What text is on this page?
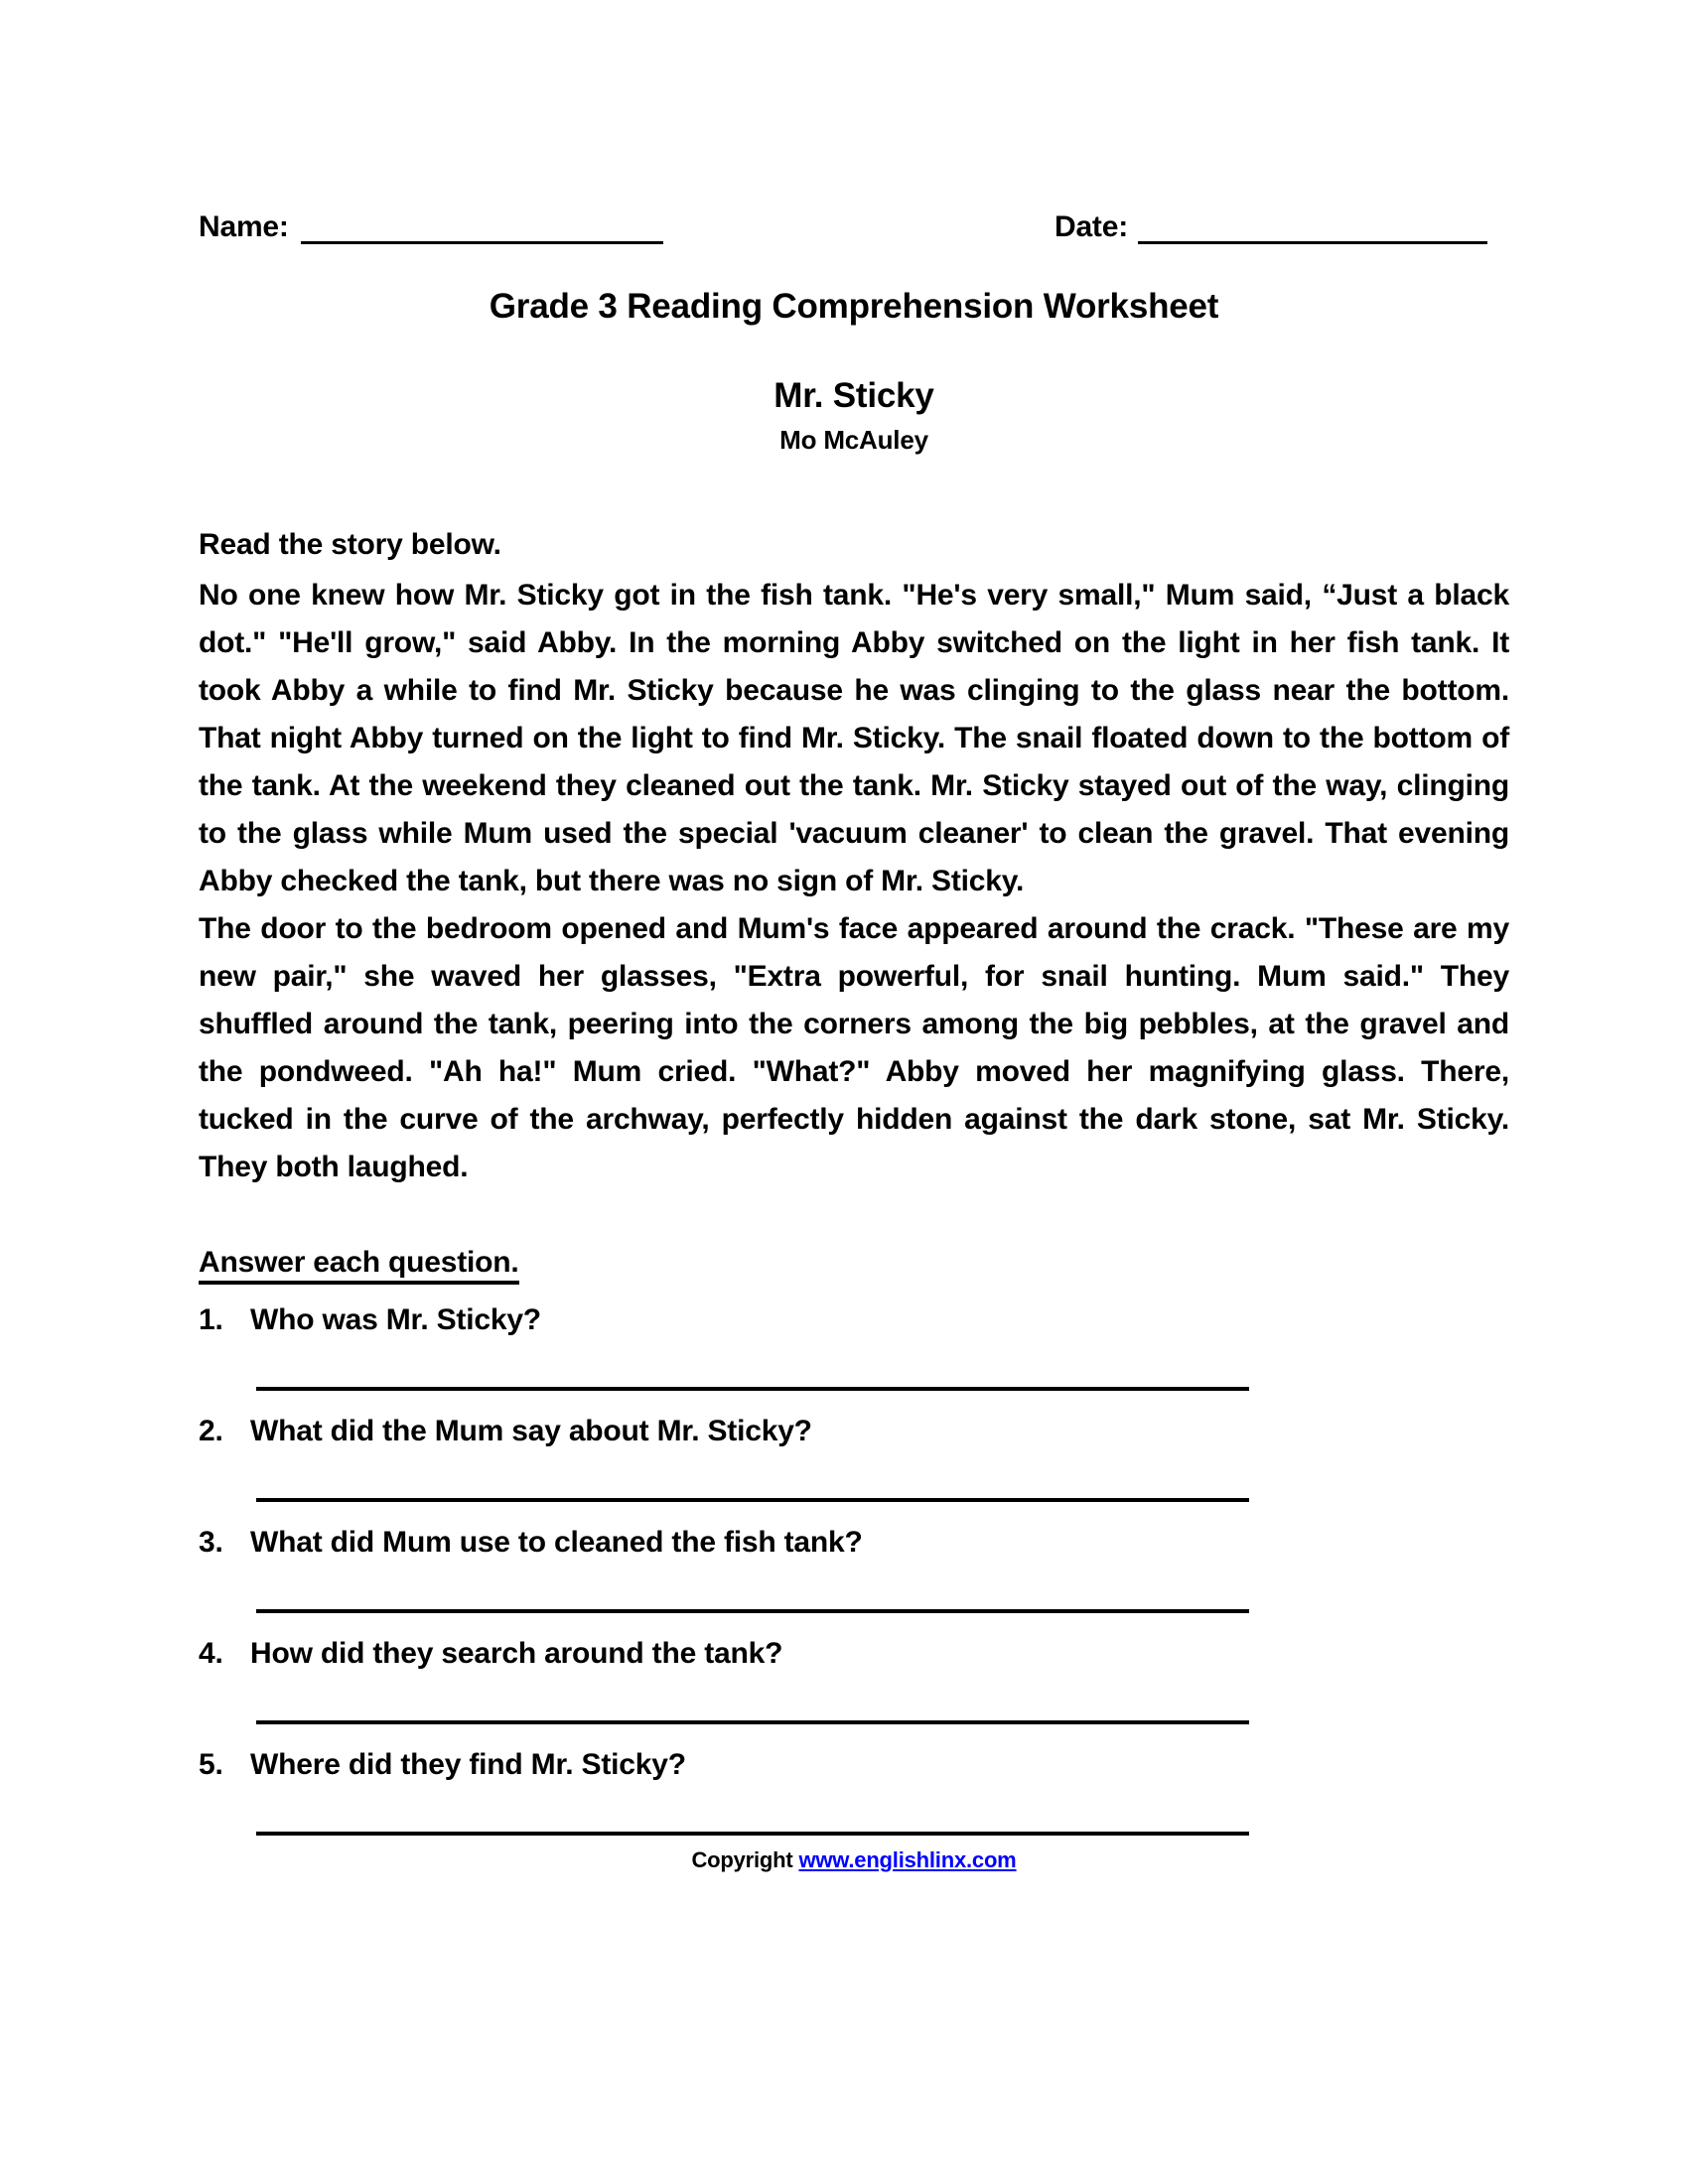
Name:	Date:
Grade 3 Reading Comprehension Worksheet
Mr. Sticky
Mo McAuley
Read the story below.

No one knew how Mr. Sticky got in the fish tank. "He's very small," Mum said, “Just a black dot." "He'll grow," said Abby. In the morning Abby switched on the light in her fish tank. It took Abby a while to find Mr. Sticky because he was clinging to the glass near the bottom. That night Abby turned on the light to find Mr. Sticky. The snail floated down to the bottom of the tank. At the weekend they cleaned out the tank. Mr. Sticky stayed out of the way, clinging to the glass while Mum used the special 'vacuum cleaner' to clean the gravel. That evening Abby checked the tank, but there was no sign of Mr. Sticky.

The door to the bedroom opened and Mum's face appeared around the crack. "These are my new pair," she waved her glasses, "Extra powerful, for snail hunting. Mum said." They shuffled around the tank, peering into the corners among the big pebbles, at the gravel and the pondweed. "Ah ha!" Mum cried. "What?" Abby moved her magnifying glass. There, tucked in the curve of the archway, perfectly hidden against the dark stone, sat Mr. Sticky. They both laughed.

Answer each question.
1. Who was Mr. Sticky?
2. What did the Mum say about Mr. Sticky?
3. What did Mum use to cleaned the fish tank?
4. How did they search around the tank?
5. Where did they find Mr. Sticky?
Copyright www.englishlinx.com
